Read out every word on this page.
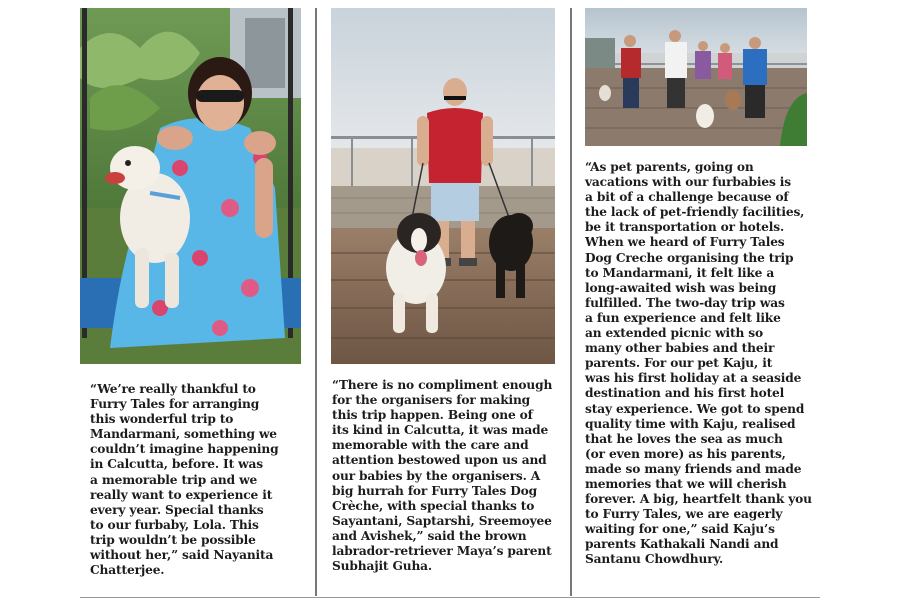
“We’re really thankful to
Furry Tales for arranging
this wonderful trip to
Mandarmani, something we
couldn’t imagine happening
in Calcutta, before. It was
a memorable trip and we
really want to experience it
every year. Special thanks
to our furbaby, Lola. This
trip wouldn’t be possible
without her,” said Nayanita
Chatterjee.

“There is no compliment enough
for the organisers for making
this trip happen. Being one of
its kind in Calcutta, it was made
memorable with the care and
attention bestowed upon us and
our babies by the organisers. A
big hurrah for Furry Tales Dog
Crèche, with special thanks to
Sayantani, Saptarshi, Sreemoyee
and Avishek,” said the brown
labrador-retriever Maya’s parent
Subhajit Guha.

“As pet parents, going on
vacations with our furbabies is
a bit of a challenge because of
the lack of pet-friendly facilities,
be it transportation or hotels.
When we heard of Furry Tales
Dog Creche organising the trip
to Mandarmani, it felt like a
long-awaited wish was being
fulfilled. The two-day trip was
a fun experience and felt like
an extended picnic with so
many other babies and their
parents. For our pet Kaju, it
was his first holiday at a seaside
destination and his first hotel
stay experience. We got to spend
quality time with Kaju, realised
that he loves the sea as much
(or even more) as his parents,
made so many friends and made
memories that we will cherish
forever. A big, heartfelt thank you
to Furry Tales, we are eagerly
waiting for one,” said Kaju’s
parents Kathakali Nandi and
Santanu Chowdhury.
